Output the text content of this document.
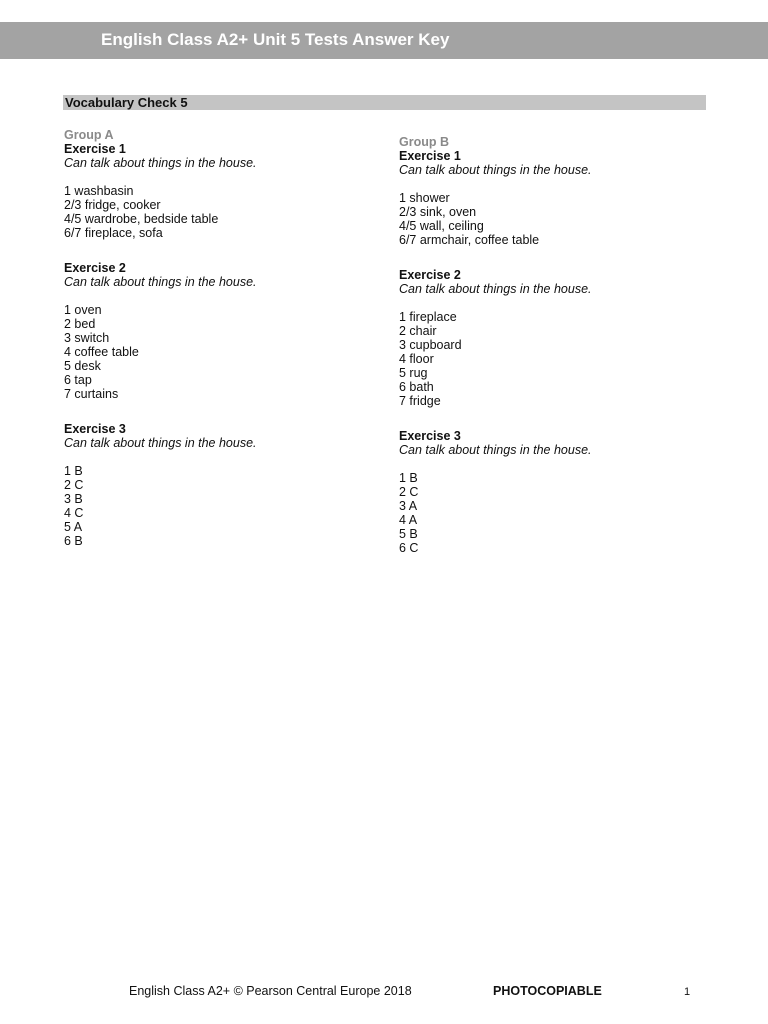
English Class A2+ Unit 5 Tests Answer Key
Vocabulary Check 5
Group A
Exercise 1
Can talk about things in the house.
1 washbasin
2/3 fridge, cooker
4/5 wardrobe, bedside table
6/7 fireplace, sofa
Exercise 2
Can talk about things in the house.
1 oven
2 bed
3 switch
4 coffee table
5 desk
6 tap
7 curtains
Exercise 3
Can talk about things in the house.
1 B
2 C
3 B
4 C
5 A
6 B
Group B
Exercise 1
Can talk about things in the house.
1 shower
2/3 sink, oven
4/5 wall, ceiling
6/7 armchair, coffee table
Exercise 2
Can talk about things in the house.
1 fireplace
2 chair
3 cupboard
4 floor
5 rug
6 bath
7 fridge
Exercise 3
Can talk about things in the house.
1 B
2 C
3 A
4 A
5 B
6 C
English Class A2+ © Pearson Central Europe 2018	PHOTOCOPIABLE	1
